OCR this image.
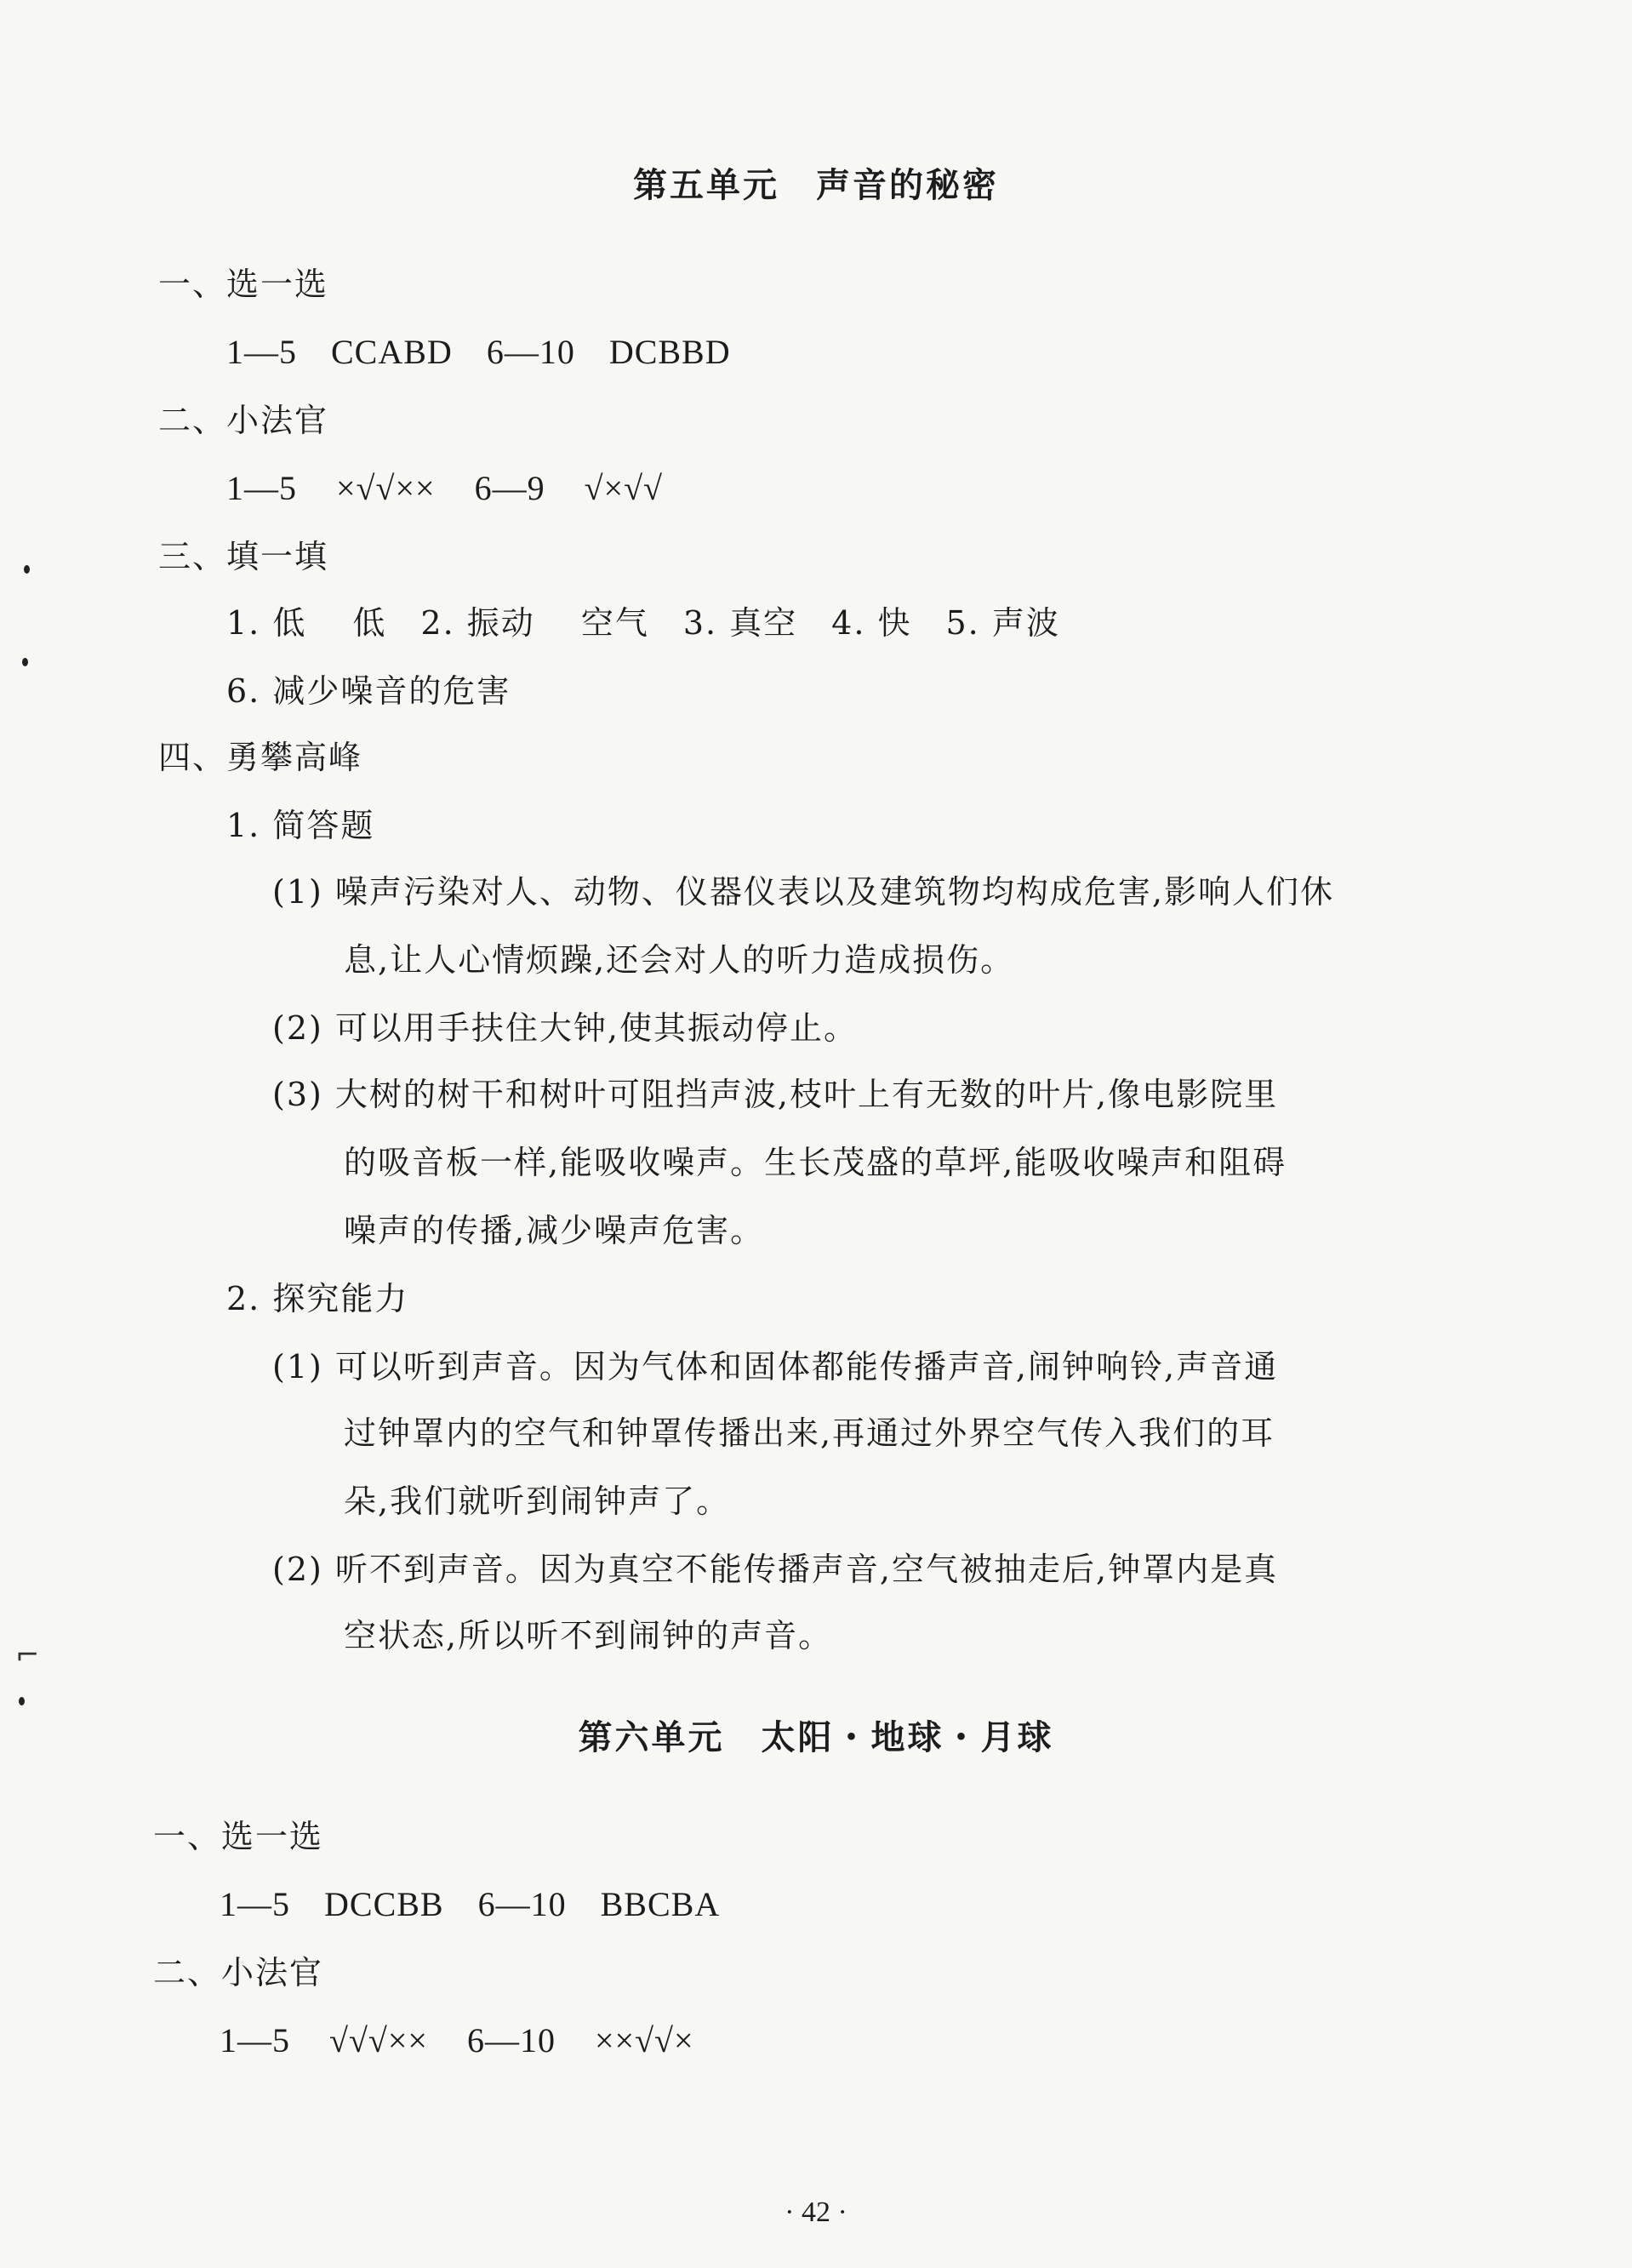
⌐
第五单元　声音的秘密
一、选一选
1—5 CCABD 6—10 DCBBD
二、小法官
1—5 ×√√×× 6—9 √×√√
三、填一填
1. 低　 低　2. 振动　 空气　3. 真空　4. 快　5. 声波
6. 减少噪音的危害
四、勇攀高峰
1. 简答题
(1) 噪声污染对人、动物、仪器仪表以及建筑物均构成危害,影响人们休
息,让人心情烦躁,还会对人的听力造成损伤。
(2) 可以用手扶住大钟,使其振动停止。
(3) 大树的树干和树叶可阻挡声波,枝叶上有无数的叶片,像电影院里
的吸音板一样,能吸收噪声。生长茂盛的草坪,能吸收噪声和阻碍
噪声的传播,减少噪声危害。
2. 探究能力
(1) 可以听到声音。因为气体和固体都能传播声音,闹钟响铃,声音通
过钟罩内的空气和钟罩传播出来,再通过外界空气传入我们的耳
朵,我们就听到闹钟声了。
(2) 听不到声音。因为真空不能传播声音,空气被抽走后,钟罩内是真
空状态,所以听不到闹钟的声音。
第六单元　太阳・地球・月球
一、选一选
1—5 DCCBB 6—10 BBCBA
二、小法官
1—5 √√√×× 6—10 ××√√×
· 42 ·
